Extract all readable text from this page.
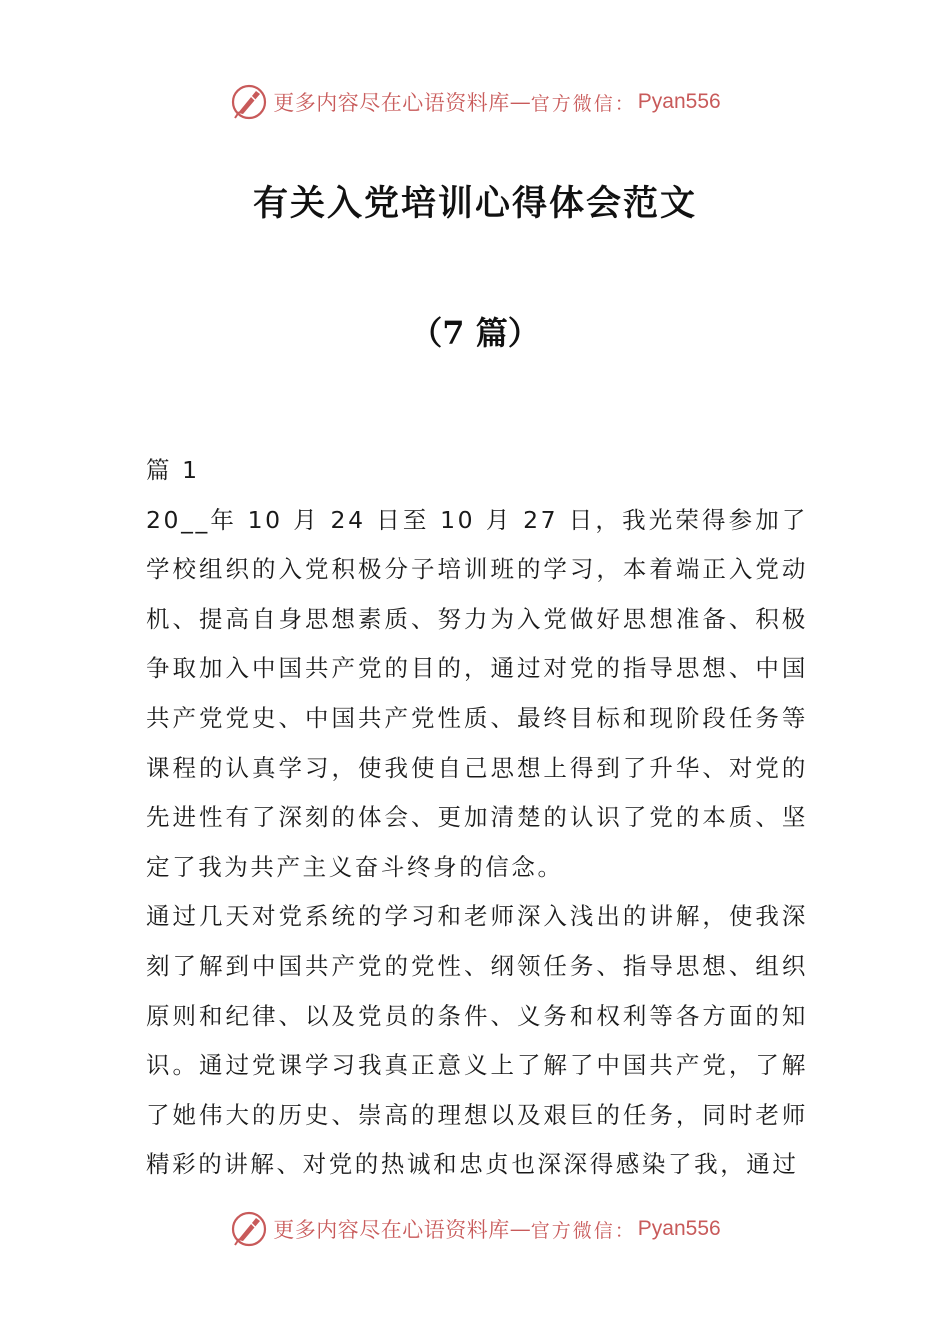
更多内容尽在心语资料库 — 官方微信： Pyan556
有关入党培训心得体会范文
（7 篇）

篇 1

20__年 10 月 24 日至 10 月 27 日，我光荣得参加了学校组织的入党积极分子培训班的学习，本着端正入党动机、提高自身思想素质、努力为入党做好思想准备、积极争取加入中国共产党的目的，通过对党的指导思想、中国共产党党史、中国共产党性质、最终目标和现阶段任务等课程的认真学习，使我使自己思想上得到了升华、对党的先进性有了深刻的体会、更加清楚的认识了党的本质、坚定了我为共产主义奋斗终身的信念。

通过几天对党系统的学习和老师深入浅出的讲解，使我深刻了解到中国共产党的党性、纲领任务、指导思想、组织原则和纪律、以及党员的条件、义务和权利等各方面的知识。通过党课学习我真正意义上了解了中国共产党，了解了她伟大的历史、崇高的理想以及艰巨的任务，同时老师精彩的讲解、对党的热诚和忠贞也深深得感染了我，通过

更多内容尽在心语资料库 — 官方微信： Pyan556
